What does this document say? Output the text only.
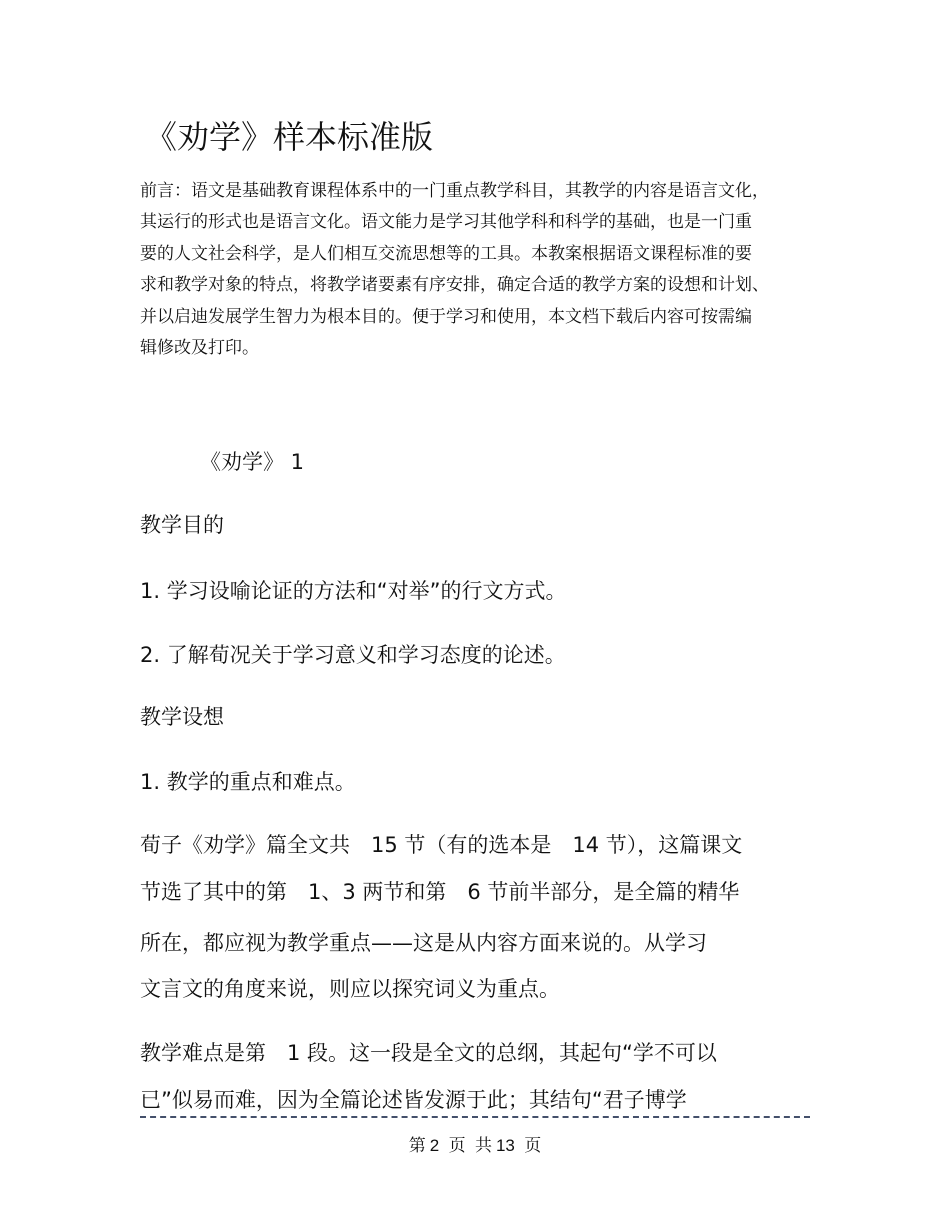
《劝学》样本标准版
前言：语文是基础教育课程体系中的一门重点教学科目，其教学的内容是语言文化，
其运行的形式也是语言文化。语文能力是学习其他学科和科学的基础，也是一门重
要的人文社会科学，是人们相互交流思想等的工具。本教案根据语文课程标准的要
求和教学对象的特点，将教学诸要素有序安排，确定合适的教学方案的设想和计划、
并以启迪发展学生智力为根本目的。便于学习和使用，本文档下载后内容可按需编
辑修改及打印。
《劝学》 1
教学目的
1. 学习设喻论证的方法和“对举”的行文方式。
2. 了解荀况关于学习意义和学习态度的论述。
教学设想
1. 教学的重点和难点。
荀子《劝学》篇全文共　15 节（有的选本是　14 节），这篇课文
节选了其中的第　1、3 两节和第　6 节前半部分，是全篇的精华
所在，都应视为教学重点——这是从内容方面来说的。从学习
文言文的角度来说，则应以探究词义为重点。
教学难点是第　1 段。这一段是全文的总纲，其起句“学不可以
已”似易而难，因为全篇论述皆发源于此；其结句“君子博学
第 2 页 共 13 页
